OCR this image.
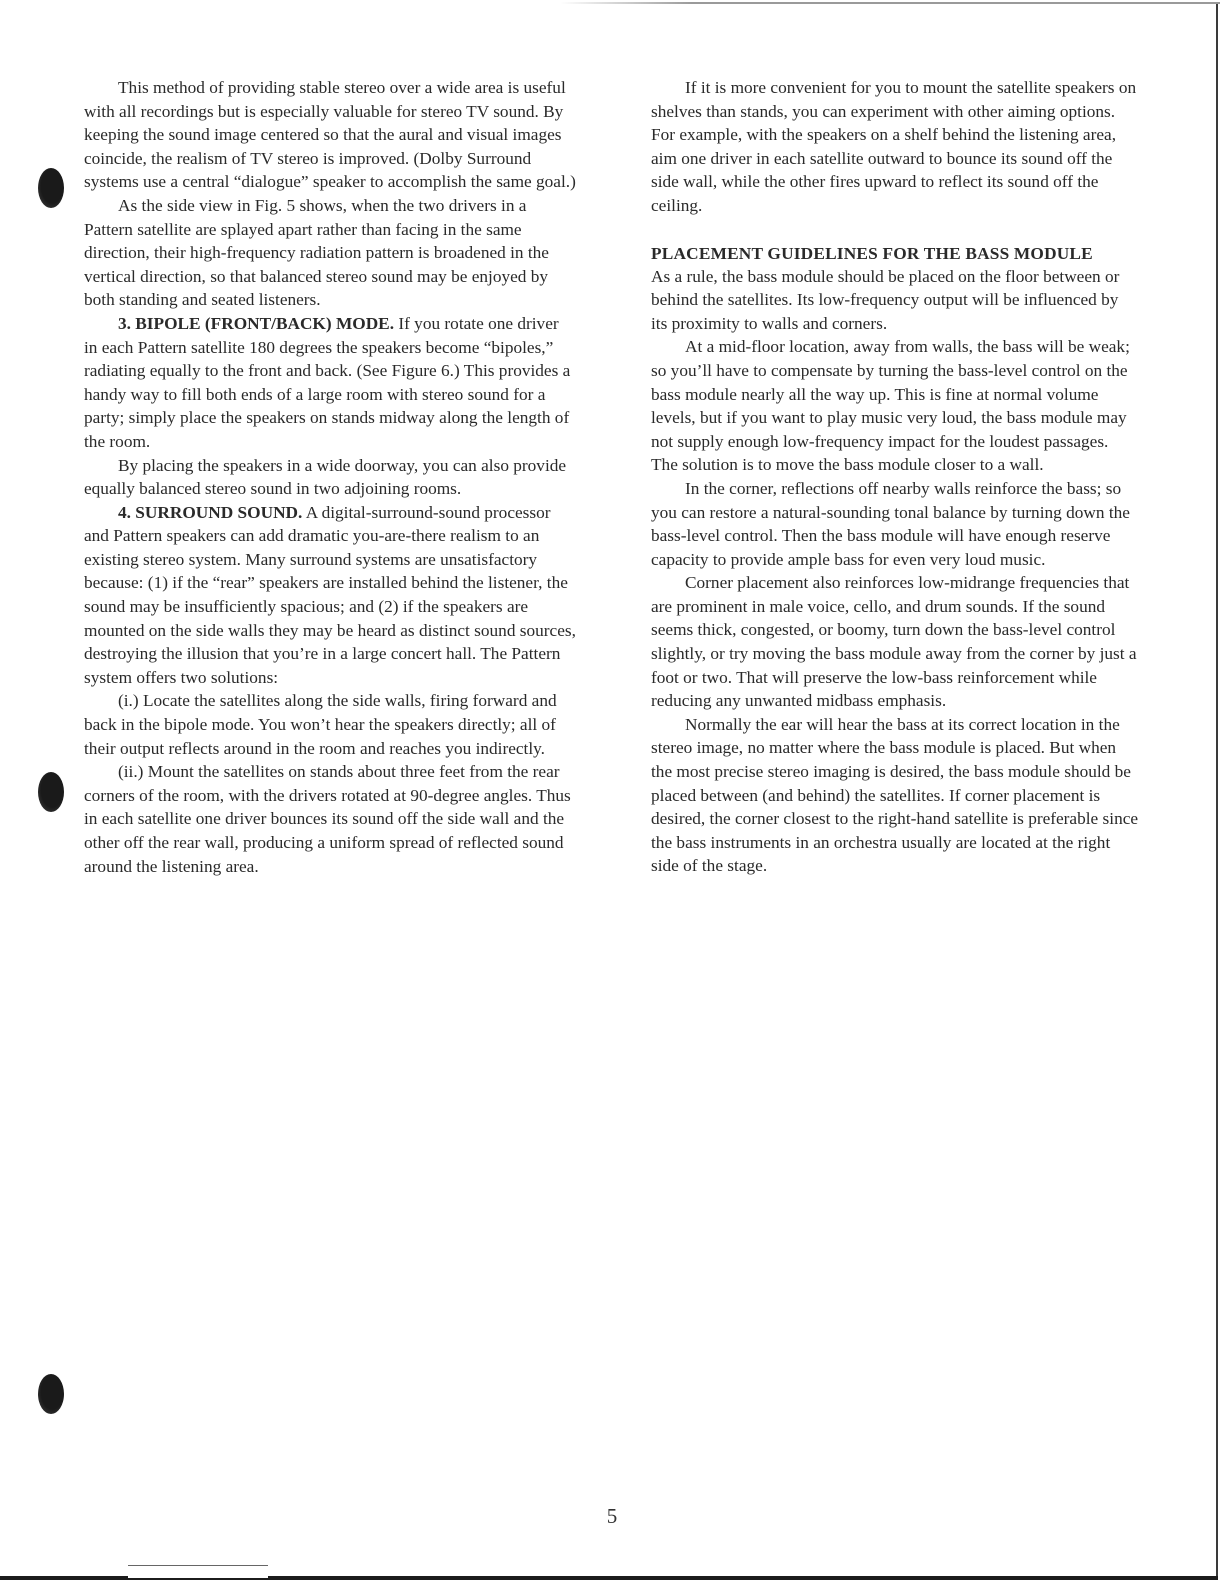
This method of providing stable stereo over a wide area is useful with all recordings but is especially valuable for stereo TV sound. By keeping the sound image centered so that the aural and visual images coincide, the realism of TV stereo is improved. (Dolby Surround systems use a central “dialogue” speaker to accomplish the same goal.)

As the side view in Fig. 5 shows, when the two drivers in a Pattern satellite are splayed apart rather than facing in the same direction, their high-frequency radiation pattern is broadened in the vertical direction, so that balanced stereo sound may be enjoyed by both standing and seated listeners.

3. BIPOLE (FRONT/BACK) MODE. If you rotate one driver in each Pattern satellite 180 degrees the speakers become “bipoles,” radiating equally to the front and back. (See Figure 6.) This provides a handy way to fill both ends of a large room with stereo sound for a party; simply place the speakers on stands midway along the length of the room.

By placing the speakers in a wide doorway, you can also provide equally balanced stereo sound in two adjoining rooms.

4. SURROUND SOUND. A digital-surround-sound processor and Pattern speakers can add dramatic you-are-there realism to an existing stereo system. Many surround systems are unsatisfactory because: (1) if the “rear” speakers are installed behind the listener, the sound may be insufficiently spacious; and (2) if the speakers are mounted on the side walls they may be heard as distinct sound sources, destroying the illusion that you’re in a large concert hall. The Pattern system offers two solutions:

(i.) Locate the satellites along the side walls, firing forward and back in the bipole mode. You won’t hear the speakers directly; all of their output reflects around in the room and reaches you indirectly.

(ii.) Mount the satellites on stands about three feet from the rear corners of the room, with the drivers rotated at 90-degree angles. Thus in each satellite one driver bounces its sound off the side wall and the other off the rear wall, producing a uniform spread of reflected sound around the listening area.

If it is more convenient for you to mount the satellite speakers on shelves than stands, you can experiment with other aiming options. For example, with the speakers on a shelf behind the listening area, aim one driver in each satellite outward to bounce its sound off the side wall, while the other fires upward to reflect its sound off the ceiling.

PLACEMENT GUIDELINES FOR THE BASS MODULE

As a rule, the bass module should be placed on the floor between or behind the satellites. Its low-frequency output will be influenced by its proximity to walls and corners.

At a mid-floor location, away from walls, the bass will be weak; so you’ll have to compensate by turning the bass-level control on the bass module nearly all the way up. This is fine at normal volume levels, but if you want to play music very loud, the bass module may not supply enough low-frequency impact for the loudest passages. The solution is to move the bass module closer to a wall.

In the corner, reflections off nearby walls reinforce the bass; so you can restore a natural-sounding tonal balance by turning down the bass-level control. Then the bass module will have enough reserve capacity to provide ample bass for even very loud music.

Corner placement also reinforces low-midrange frequencies that are prominent in male voice, cello, and drum sounds. If the sound seems thick, congested, or boomy, turn down the bass-level control slightly, or try moving the bass module away from the corner by just a foot or two. That will preserve the low-bass reinforcement while reducing any unwanted midbass emphasis.

Normally the ear will hear the bass at its correct location in the stereo image, no matter where the bass module is placed. But when the most precise stereo imaging is desired, the bass module should be placed between (and behind) the satellites. If corner placement is desired, the corner closest to the right-hand satellite is preferable since the bass instruments in an orchestra usually are located at the right side of the stage.

5
